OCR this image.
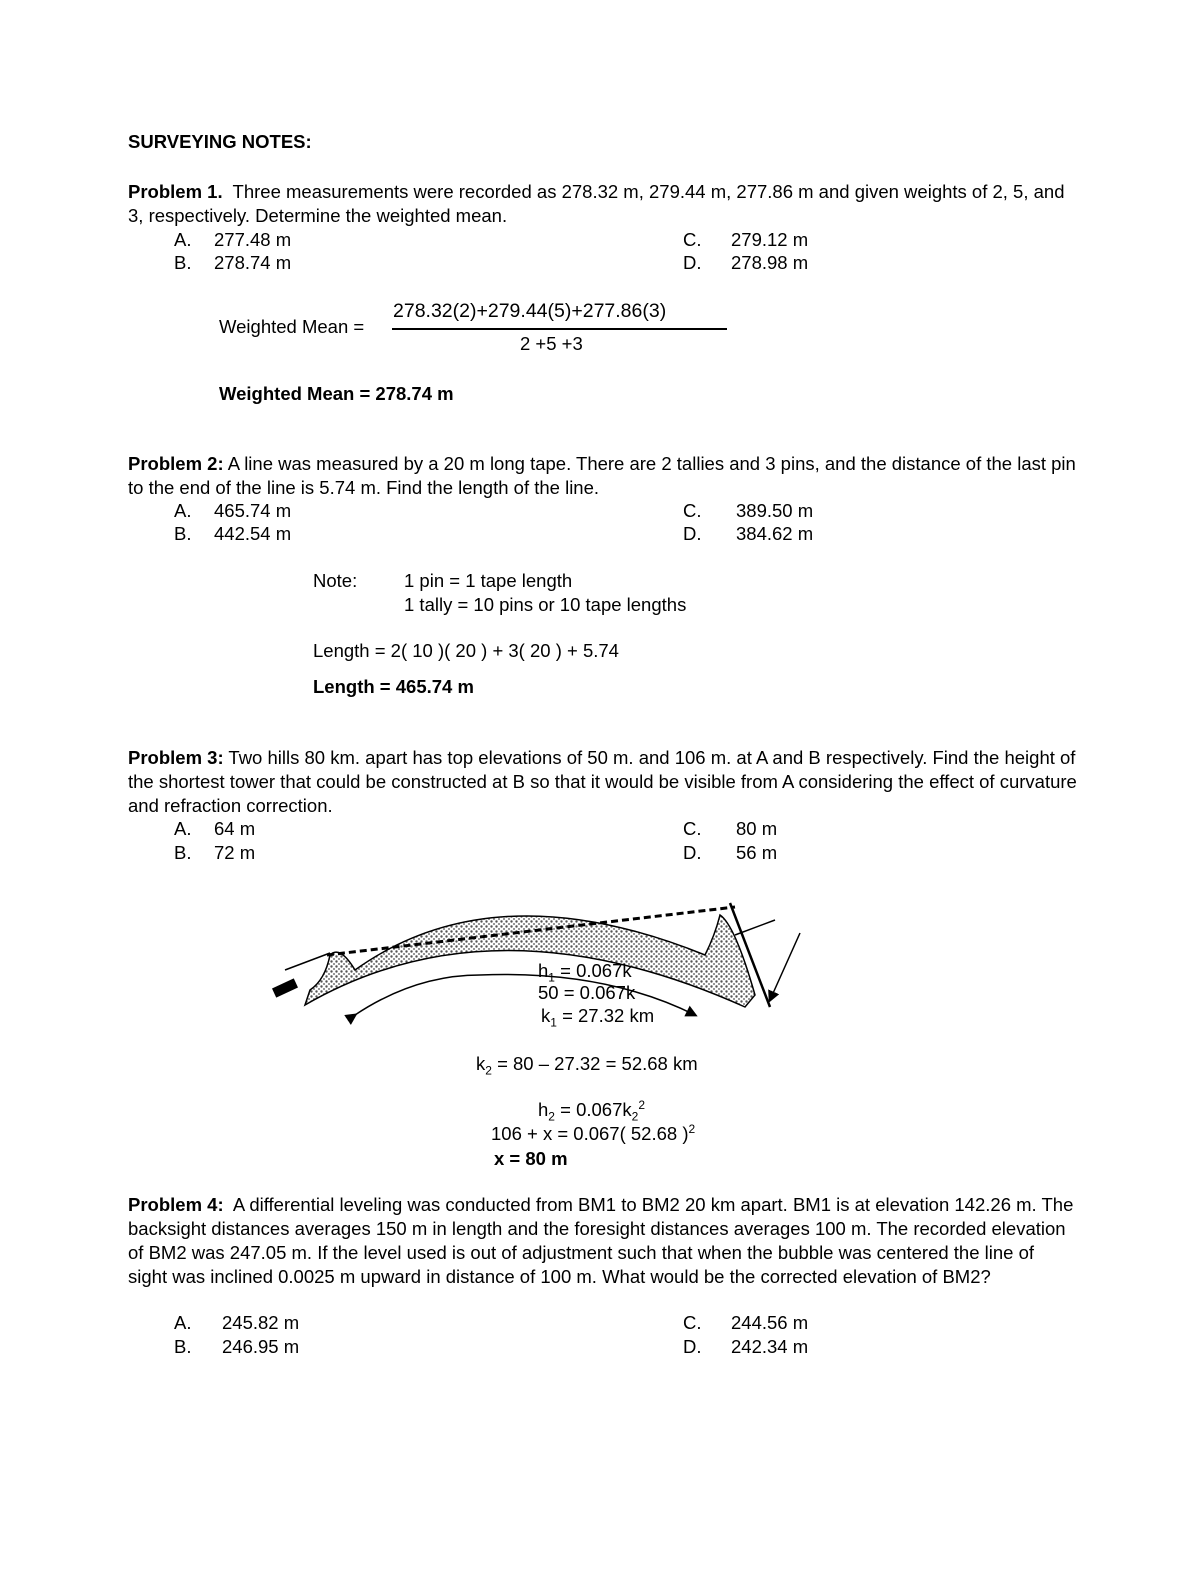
SURVEYING NOTES:
Problem 1. Three measurements were recorded as 278.32 m, 279.44 m, 277.86 m and given weights of 2, 5, and 3, respectively. Determine the weighted mean.
A. 277.48 m
B. 278.74 m
C. 279.12 m
D. 278.98 m
Weighted Mean =
278.32(2)+279.44(5)+277.86(3)
2 +5 +3
Weighted Mean = 278.74 m
Problem 2: A line was measured by a 20 m long tape. There are 2 tallies and 3 pins, and the distance of the last pin to the end of the line is 5.74 m. Find the length of the line.
A. 465.74 m
B. 442.54 m
C. 389.50 m
D. 384.62 m
Note:	1 pin = 1 tape length
1 tally = 10 pins or 10 tape lengths
Length = 2( 10 )( 20 ) + 3( 20 ) + 5.74
Length = 465.74 m
Problem 3: Two hills 80 km. apart has top elevations of 50 m. and 106 m. at A and B respectively. Find the height of the shortest tower that could be constructed at B so that it would be visible from A considering the effect of curvature and refraction correction.
A. 64 m
B. 72 m
C. 80 m
D. 56 m
$h_1 = 0.067k$
50 = 0.067k
$k_1 = 27.32$ km
$k_2 = 80 - 27.32 = 52.68$ km
$h_2 = 0.067k_2^2$
106 + x = 0.067( 52.68 )$^2$
x = 80 m
Problem 4: A differential leveling was conducted from BM1 to BM2 20 km apart. BM1 is at elevation 142.26 m. The backsight distances averages 150 m in length and the foresight distances averages 100 m. The recorded elevation of BM2 was 247.05 m. If the level used is out of adjustment such that when the bubble was centered the line of sight was inclined 0.0025 m upward in distance of 100 m. What would be the corrected elevation of BM2?
A. 245.82 m
B. 246.95 m
C. 244.56 m
D. 242.34 m
